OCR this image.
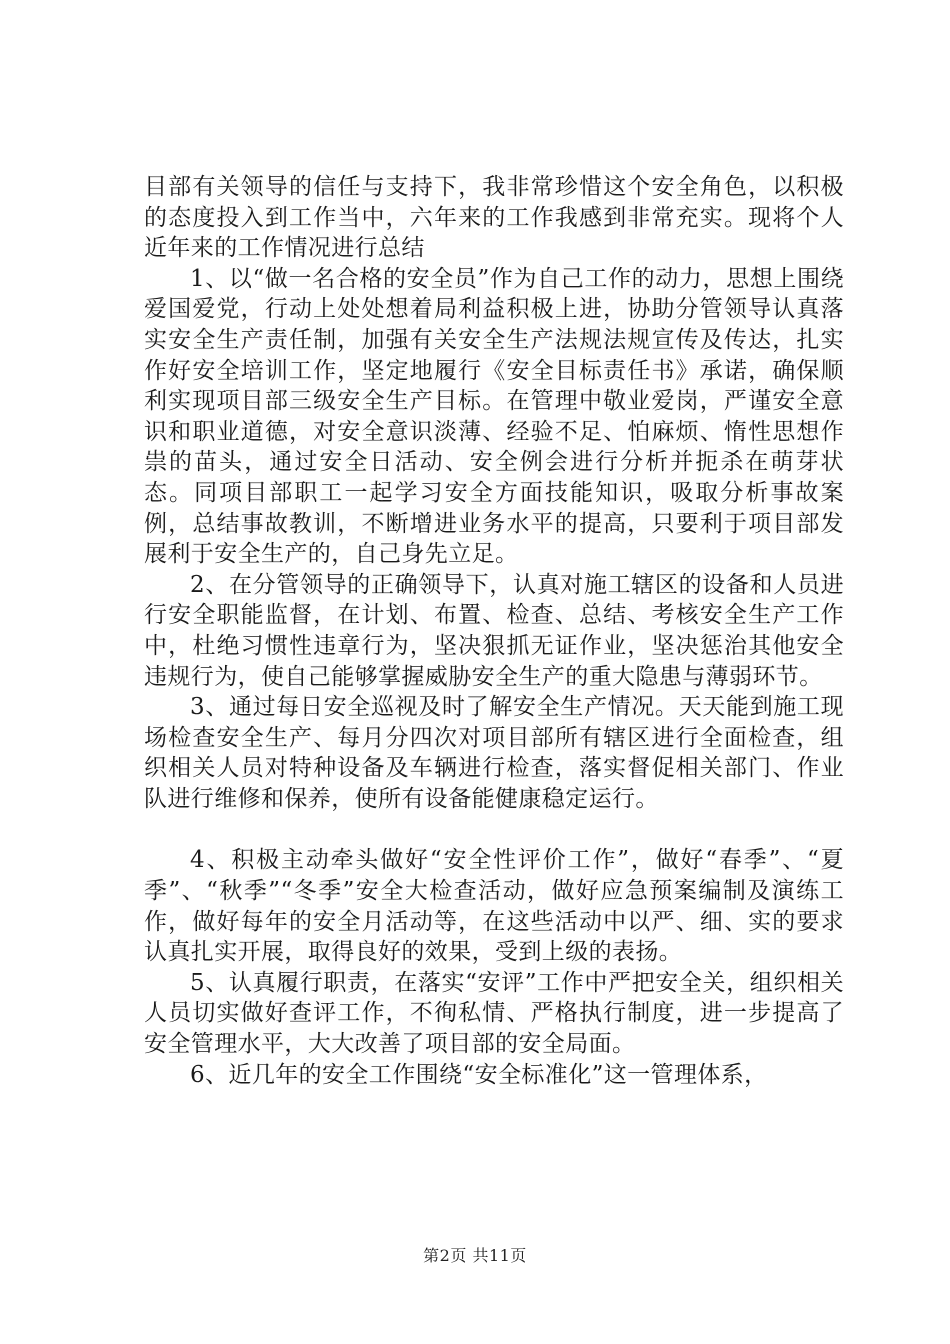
目部有关领导的信任与支持下，我非常珍惜这个安全角色，以积极的态度投入到工作当中，六年来的工作我感到非常充实。现将个人近年来的工作情况进行总结

1、以“做一名合格的安全员”作为自己工作的动力，思想上围绕爱国爱党，行动上处处想着局利益积极上进，协助分管领导认真落实安全生产责任制，加强有关安全生产法规法规宣传及传达，扎实作好安全培训工作，坚定地履行《安全目标责任书》承诺，确保顺利实现项目部三级安全生产目标。在管理中敬业爱岗，严谨安全意识和职业道德，对安全意识淡薄、经验不足、怕麻烦、惰性思想作祟的苗头，通过安全日活动、安全例会进行分析并扼杀在萌芽状态。同项目部职工一起学习安全方面技能知识，吸取分析事故案例，总结事故教训，不断增进业务水平的提高，只要利于项目部发展利于安全生产的，自己身先立足。

2、在分管领导的正确领导下，认真对施工辖区的设备和人员进行安全职能监督，在计划、布置、检查、总结、考核安全生产工作中，杜绝习惯性违章行为，坚决狠抓无证作业，坚决惩治其他安全违规行为，使自己能够掌握威胁安全生产的重大隐患与薄弱环节。

3、通过每日安全巡视及时了解安全生产情况。天天能到施工现场检查安全生产、每月分四次对项目部所有辖区进行全面检查，组织相关人员对特种设备及车辆进行检查，落实督促相关部门、作业队进行维修和保养，使所有设备能健康稳定运行。

4、积极主动牵头做好“安全性评价工作”，做好“春季”、“夏季”、“秋季”“冬季”安全大检查活动，做好应急预案编制及演练工作，做好每年的安全月活动等，在这些活动中以严、细、实的要求认真扎实开展，取得良好的效果，受到上级的表扬。

5、认真履行职责，在落实“安评”工作中严把安全关，组织相关人员切实做好查评工作，不徇私情、严格执行制度，进一步提高了安全管理水平，大大改善了项目部的安全局面。

6、近几年的安全工作围绕“安全标准化”这一管理体系，

第2页 共11页
